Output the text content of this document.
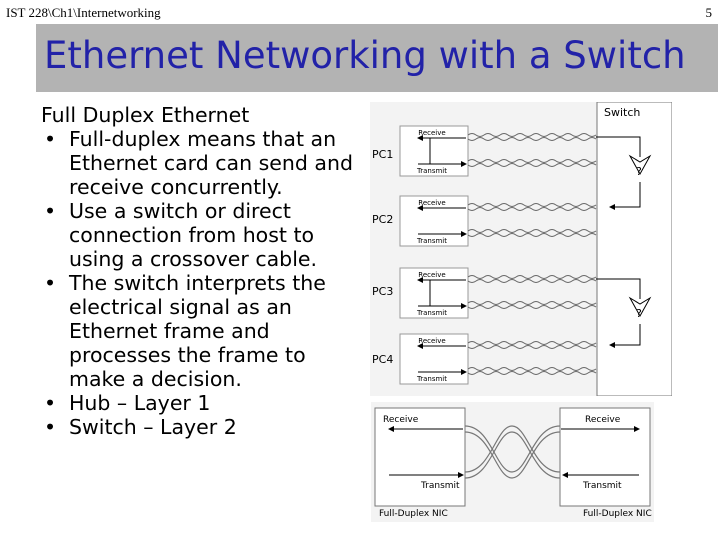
IST 228\Ch1\Internetworking	5
Ethernet Networking with a Switch
Full Duplex Ethernet
• Full-duplex means that an Ethernet card can send and receive concurrently.
• Use a switch or direct connection from host to using a crossover cable.
• The switch interprets the electrical signal as an Ethernet frame and processes the frame to make a decision.
• Hub – Layer 1
• Switch – Layer 2
Switch
PC1
Receive
Transmit
PC2
Receive
Transmit
PC3
Receive
Transmit
PC4
Receive
Transmit
?
?
Receive
Transmit
Receive
Transmit
Full-Duplex NIC	Full-Duplex NIC
